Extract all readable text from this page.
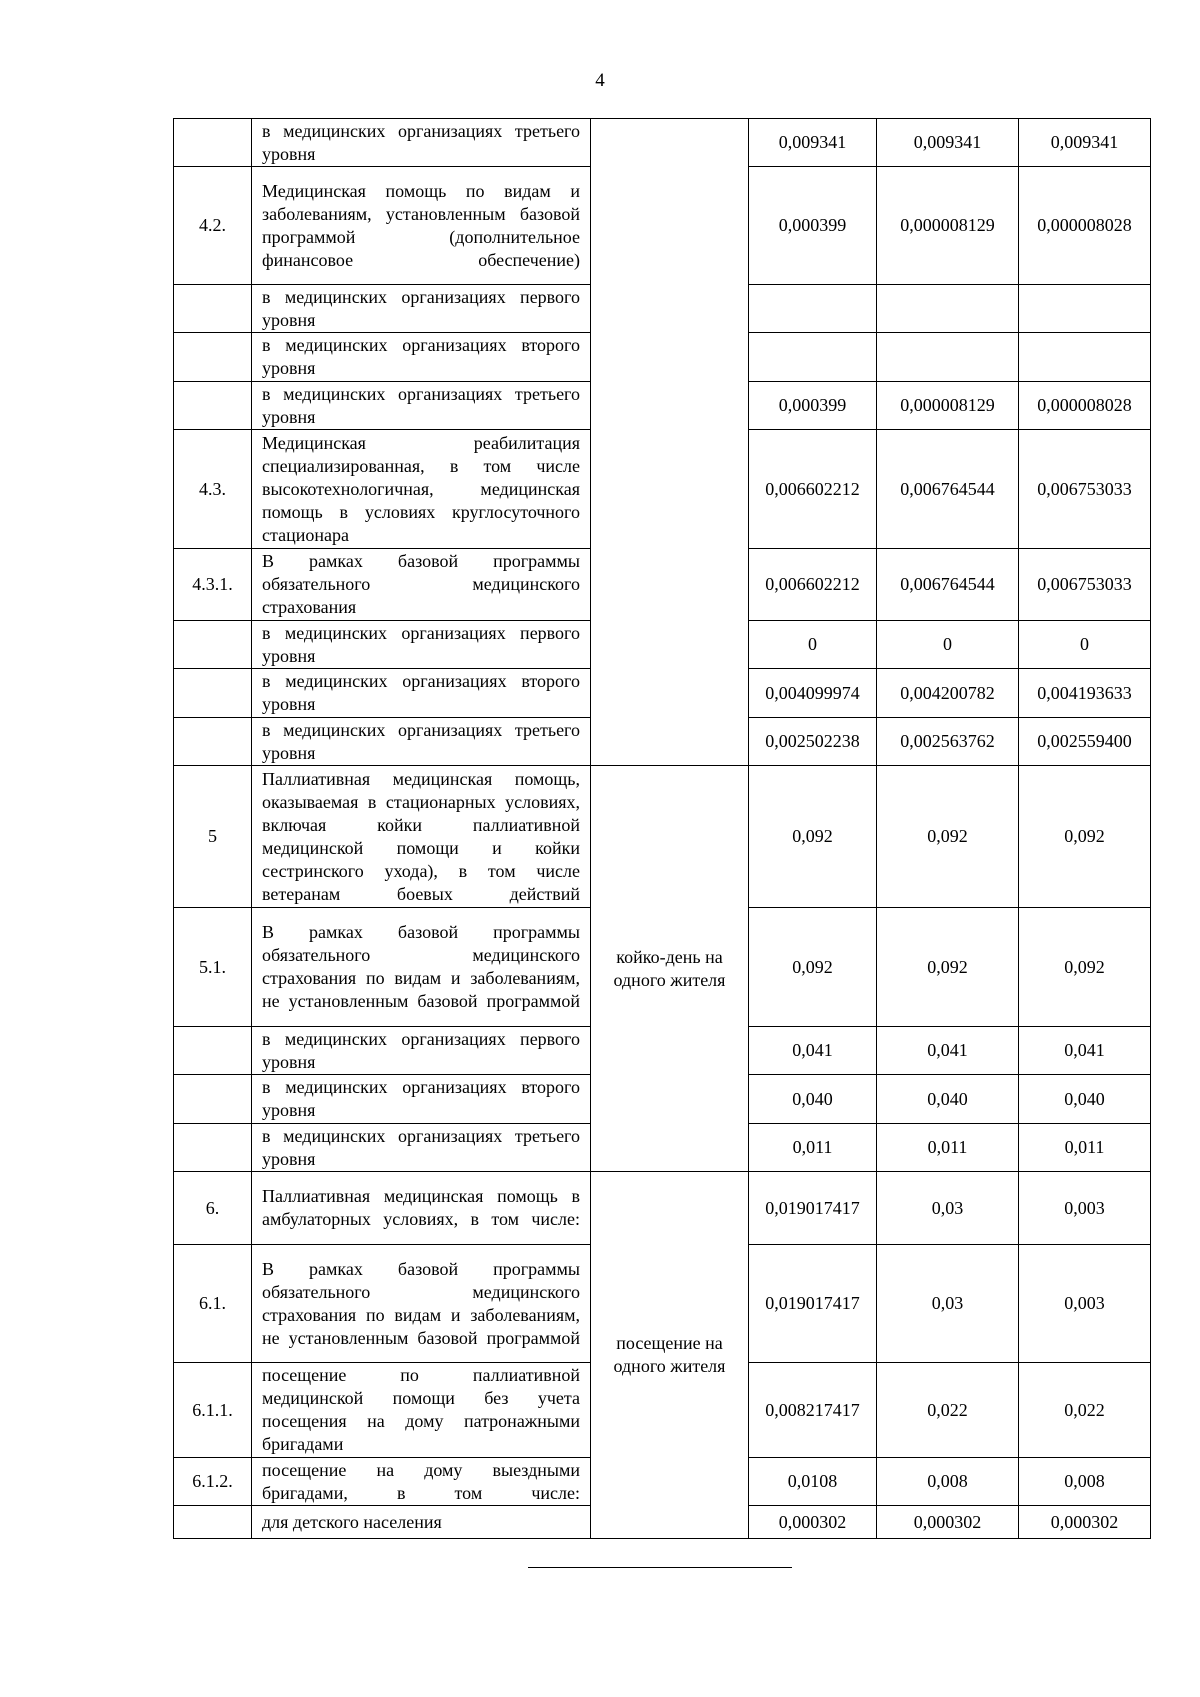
4

	в медицинских организациях третьего уровня		0,009341	0,009341	0,009341
4.2.	Медицинская помощь по видам и заболеваниям, установленным базовой программой (дополнительное финансовое обеспечение)		0,000399	0,000008129	0,000008028

	в медицинских организациях первого уровня				

	в медицинских организациях второго уровня				

	в медицинских организациях третьего уровня		0,000399	0,000008129	0,000008028
4.3.	Медицинская реабилитация специализированная, в том числе высокотехнологичная, медицинская помощь в условиях круглосуточного стационара		0,006602212	0,006764544	0,006753033
4.3.1.	В рамках базовой программы обязательного медицинского страхования		0,006602212	0,006764544	0,006753033

	в медицинских организациях первого уровня		0	0	0

	в медицинских организациях второго уровня		0,004099974	0,004200782	0,004193633

	в медицинских организациях третьего уровня		0,002502238	0,002563762	0,002559400
5	Паллиативная медицинская помощь, оказываемая в стационарных условиях, включая койки паллиативной медицинской помощи и койки сестринского ухода), в том числе ветеранам боевых действий	койко-день на одного жителя	0,092	0,092	0,092
5.1.	В рамках базовой программы обязательного медицинского страхования по видам и заболеваниям, не установленным базовой программой		0,092	0,092	0,092

	в медицинских организациях первого уровня		0,041	0,041	0,041

	в медицинских организациях второго уровня		0,040	0,040	0,040

	в медицинских организациях третьего уровня		0,011	0,011	0,011
6.	Паллиативная медицинская помощь в амбулаторных условиях, в том числе:	посещение на одного жителя	0,019017417	0,03	0,003
6.1.	В рамках базовой программы обязательного медицинского страхования по видам и заболеваниям, не установленным базовой программой		0,019017417	0,03	0,003
6.1.1.	посещение по паллиативной медицинской помощи без учета посещения на дому патронажными бригадами		0,008217417	0,022	0,022
6.1.2.	посещение на дому выездными бригадами, в том числе:		0,0108	0,008	0,008

	для детского населения		0,000302	0,000302	0,000302
